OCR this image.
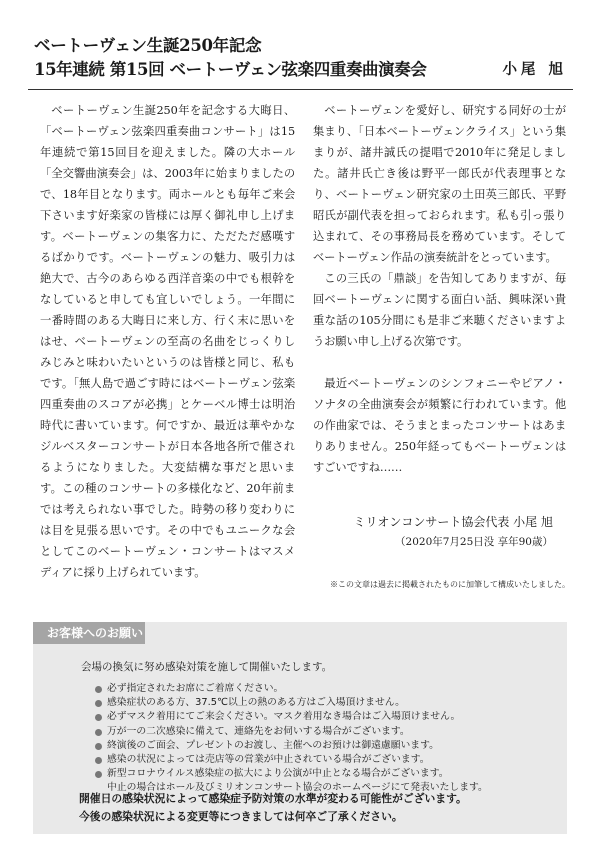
ベートーヴェン生誕250年記念
15年連続 第15回 ベートーヴェン弦楽四重奏曲演奏会	小尾 旭

ベートーヴェン生誕250年を記念する大晦日、「ベートーヴェン弦楽四重奏曲コンサート」は15年連続で第15回目を迎えました。隣の大ホール「全交響曲演奏会」は、2003年に始まりましたので、18年目となります。両ホールとも毎年ご来会下さいます好楽家の皆様には厚く御礼申し上げます。ベートーヴェンの集客力に、ただただ感嘆するばかりです。ベートーヴェンの魅力、吸引力は絶大で、古今のあらゆる西洋音楽の中でも根幹をなしていると申しても宜しいでしょう。一年間に一番時間のある大晦日に来し方、行く末に思いをはせ、ベートーヴェンの至高の名曲をじっくりしみじみと味わいたいというのは皆様と同じ、私もです。「無人島で過ごす時にはベートーヴェン弦楽四重奏曲のスコアが必携」とケーベル博士は明治時代に書いています。何ですか、最近は華やかなジルベスターコンサートが日本各地各所で催されるようになりました。大変結構な事だと思います。この種のコンサートの多様化など、20年前までは考えられない事でした。時勢の移り変わりには目を見張る思いです。その中でもユニークな会としてこのベートーヴェン・コンサートはマスメディアに採り上げられています。

ベートーヴェンを愛好し、研究する同好の士が集まり、「日本ベートーヴェンクライス」という集まりが、諸井誠氏の提唱で2010年に発足しました。諸井氏亡き後は野平一郎氏が代表理事となり、ベートーヴェン研究家の土田英三郎氏、平野昭氏が副代表を担っておられます。私も引っ張り込まれて、その事務局長を務めています。そしてベートーヴェン作品の演奏統計をとっています。

この三氏の「鼎談」を告知してありますが、毎回ベートーヴェンに関する面白い話、興味深い貴重な話の105分間にも是非ご来聴くださいますようお願い申し上げる次第です。

最近ベートーヴェンのシンフォニーやピアノ・ソナタの全曲演奏会が頻繁に行われています。他の作曲家では、そうまとまったコンサートはあまりありません。250年経ってもベートーヴェンはすごいですね……

ミリオンコンサート協会代表 小尾 旭
（2020年7月25日没 享年90歳）
※この文章は過去に掲載されたものに加筆して構成いたしました。
お客様へのお願い
会場の換気に努め感染対策を施して開催いたします。
必ず指定されたお席にご着席ください。
感染症状のある方、37.5℃以上の熱のある方はご入場頂けません。
必ずマスク着用にてご来会ください。マスク着用なき場合はご入場頂けません。
万が一の二次感染に備えて、連絡先をお伺いする場合がございます。
終演後のご面会、プレゼントのお渡し、主催へのお預けは御遠慮願います。
感染の状況によっては売店等の営業が中止されている場合がございます。
新型コロナウイルス感染症の拡大により公演が中止となる場合がございます。
中止の場合はホール及びミリオンコンサート協会のホームページにて発表いたします。
開催日の感染状況によって感染症予防対策の水準が変わる可能性がございます。
今後の感染状況による変更等につきましては何卒ご了承ください。
